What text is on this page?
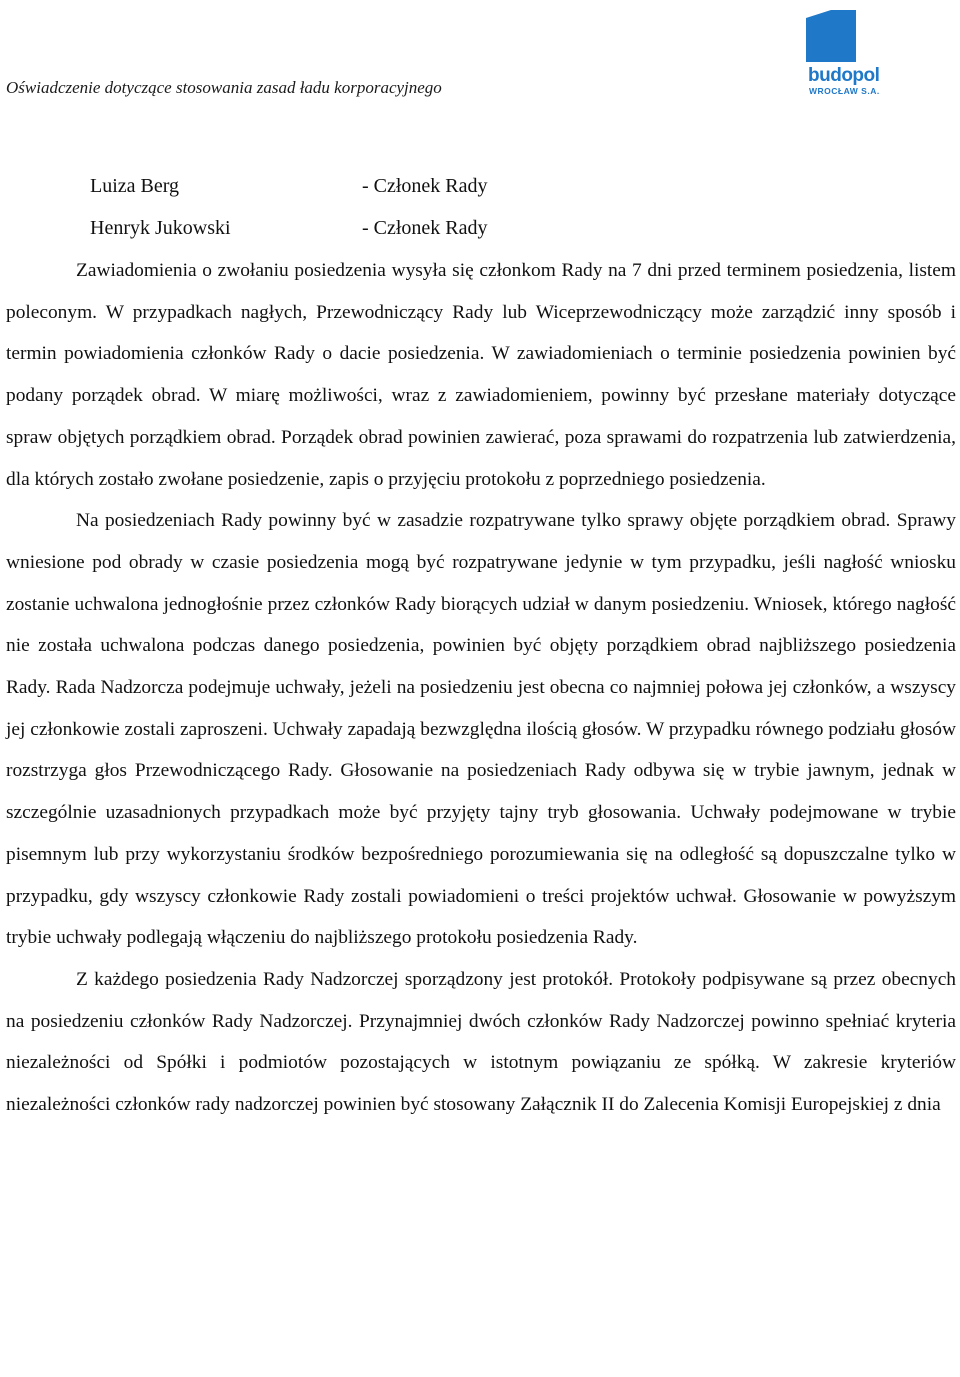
Oświadczenie dotyczące stosowania zasad ładu korporacyjnego
budopol
WROCŁAW S.A.
Luiza Berg	- Członek Rady
Henryk Jukowski	- Członek Rady

Zawiadomienia o zwołaniu posiedzenia wysyła się członkom Rady na 7 dni przed terminem posiedzenia, listem poleconym. W przypadkach nagłych, Przewodniczący Rady lub Wiceprzewodniczący może zarządzić inny sposób i termin powiadomienia członków Rady o dacie posiedzenia. W zawiadomieniach o terminie posiedzenia powinien być podany porządek obrad. W miarę możliwości, wraz z zawiadomieniem, powinny być przesłane materiały dotyczące spraw objętych porządkiem obrad. Porządek obrad powinien zawierać, poza sprawami do rozpatrzenia lub zatwierdzenia, dla których zostało zwołane posiedzenie, zapis o przyjęciu protokołu z poprzedniego posiedzenia.

Na posiedzeniach Rady powinny być w zasadzie rozpatrywane tylko sprawy objęte porządkiem obrad. Sprawy wniesione pod obrady w czasie posiedzenia mogą być rozpatrywane jedynie w tym przypadku, jeśli nagłość wniosku zostanie uchwalona jednogłośnie przez członków Rady biorących udział w danym posiedzeniu. Wniosek, którego nagłość nie została uchwalona podczas danego posiedzenia, powinien być objęty porządkiem obrad najbliższego posiedzenia Rady. Rada Nadzorcza podejmuje uchwały, jeżeli na posiedzeniu jest obecna co najmniej połowa jej członków, a wszyscy jej członkowie zostali zaproszeni. Uchwały zapadają bezwzględna ilością głosów. W przypadku równego podziału głosów rozstrzyga głos Przewodniczącego Rady. Głosowanie na posiedzeniach Rady odbywa się w trybie jawnym, jednak w szczególnie uzasadnionych przypadkach może być przyjęty tajny tryb głosowania. Uchwały podejmowane w trybie pisemnym lub przy wykorzystaniu środków bezpośredniego porozumiewania się na odległość są dopuszczalne tylko w przypadku, gdy wszyscy członkowie Rady zostali powiadomieni o treści projektów uchwał. Głosowanie w powyższym trybie uchwały podlegają włączeniu do najbliższego protokołu posiedzenia Rady.

Z każdego posiedzenia Rady Nadzorczej sporządzony jest protokół. Protokoły podpisywane są przez obecnych na posiedzeniu członków Rady Nadzorczej. Przynajmniej dwóch członków Rady Nadzorczej powinno spełniać kryteria niezależności od Spółki i podmiotów pozostających w istotnym powiązaniu ze spółką. W zakresie kryteriów niezależności członków rady nadzorczej powinien być stosowany Załącznik II do Zalecenia Komisji Europejskiej z dnia
